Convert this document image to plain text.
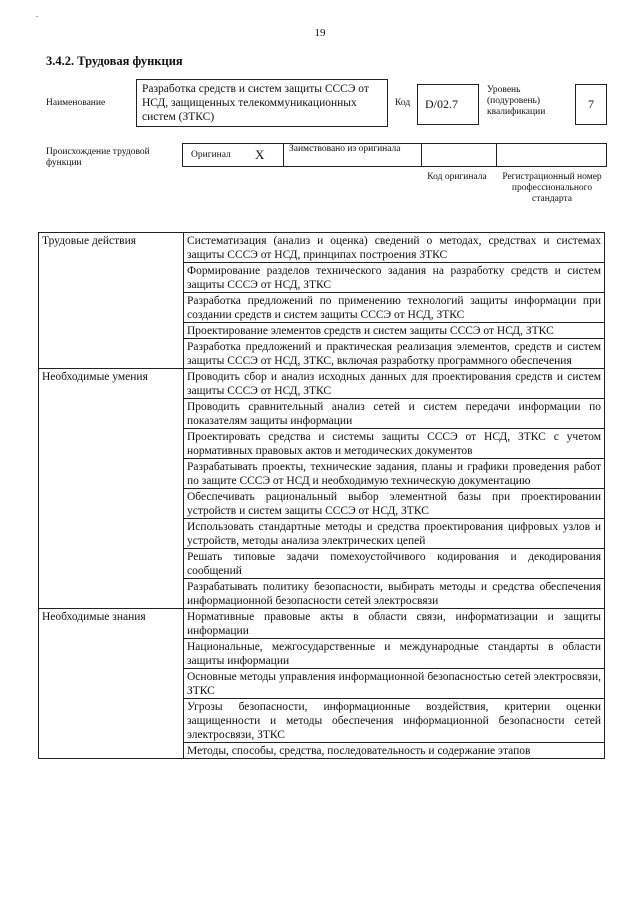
.
19
3.4.2. Трудовая функция
Наименование
Разработка средств и систем защиты СССЭ от НСД, защищенных телекоммуникационных систем (ЗТКС)
Код	D/02.7
Уровень (подуровень) квалификации
7
Происхождение трудовой функции
Оригинал X	Заимствовано из оригинала
Код оригинала	Регистрационный номер профессионального стандарта
Трудовые действия	Систематизация (анализ и оценка) сведений о методах, средствах и системах защиты СССЭ от НСД, принципах построения ЗТКС
	Формирование разделов технического задания на разработку средств и систем защиты СССЭ от НСД, ЗТКС
	Разработка предложений по применению технологий защиты информации при создании средств и систем защиты СССЭ от НСД, ЗТКС
	Проектирование элементов средств и систем защиты СССЭ от НСД, ЗТКС
	Разработка предложений и практическая реализация элементов, средств и систем защиты СССЭ от НСД, ЗТКС, включая разработку программного обеспечения
Необходимые умения	Проводить сбор и анализ исходных данных для проектирования средств и систем защиты СССЭ от НСД, ЗТКС
	Проводить сравнительный анализ сетей и систем передачи информации по показателям защиты информации
	Проектировать средства и системы защиты СССЭ от НСД, ЗТКС с учетом нормативных правовых актов и методических документов
	Разрабатывать проекты, технические задания, планы и графики проведения работ по защите СССЭ от НСД и необходимую техническую документацию
	Обеспечивать рациональный выбор элементной базы при проектировании устройств и систем защиты СССЭ от НСД, ЗТКС
	Использовать стандартные методы и средства проектирования цифровых узлов и устройств, методы анализа электрических цепей
	Решать типовые задачи помехоустойчивого кодирования и декодирования сообщений
	Разрабатывать политику безопасности, выбирать методы и средства обеспечения информационной безопасности сетей электросвязи
Необходимые знания	Нормативные правовые акты в области связи, информатизации и защиты информации
	Национальные, межгосударственные и международные стандарты в области защиты информации
	Основные методы управления информационной безопасностью сетей электросвязи, ЗТКС
	Угрозы безопасности, информационные воздействия, критерии оценки защищенности и методы обеспечения информационной безопасности сетей электросвязи, ЗТКС
	Методы, способы, средства, последовательность и содержание этапов
